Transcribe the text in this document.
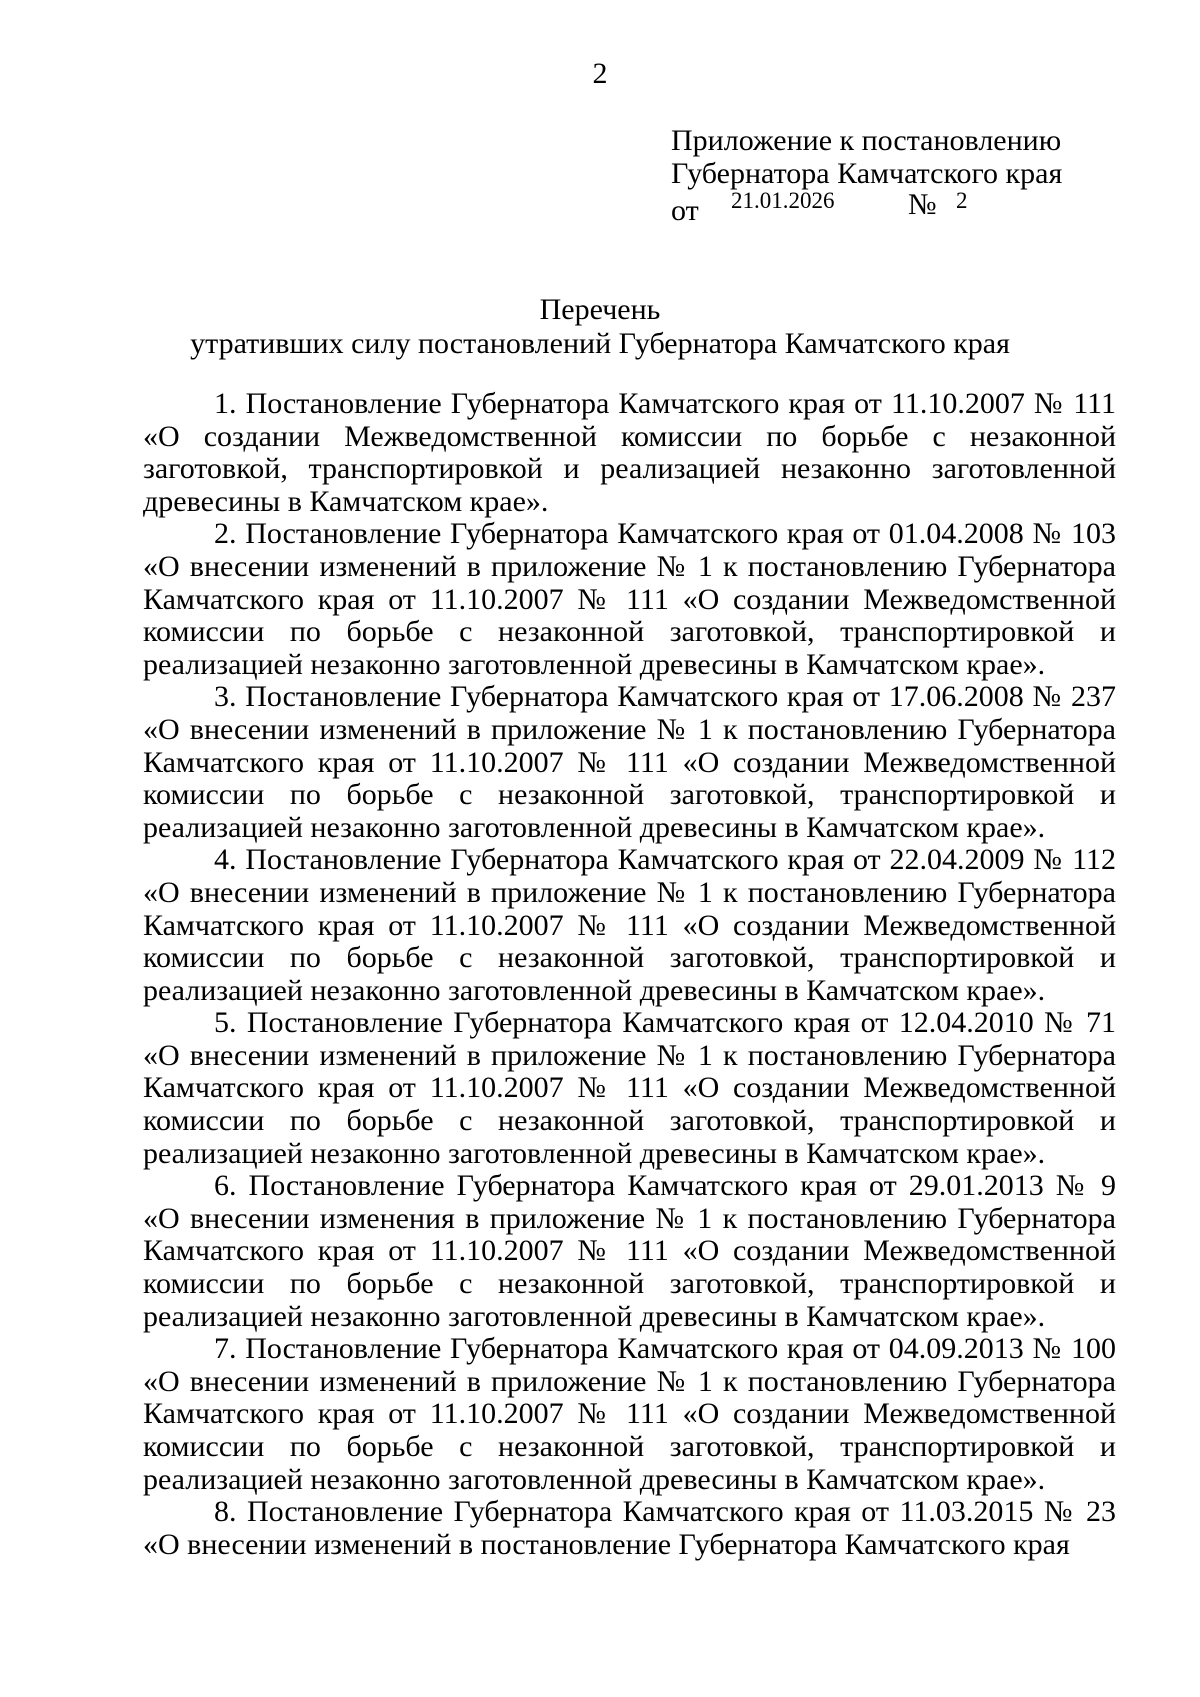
2
Приложение к постановлению
Губернатора Камчатского края
от 21.01.2026 № 2
Перечень
утративших силу постановлений Губернатора Камчатского края

1. Постановление Губернатора Камчатского края от 11.10.2007 № 111 «О создании Межведомственной комиссии по борьбе с незаконной заготовкой, транспортировкой и реализацией незаконно заготовленной древесины в Камчатском крае».

2. Постановление Губернатора Камчатского края от 01.04.2008 № 103 «О внесении изменений в приложение № 1 к постановлению Губернатора Камчатского края от 11.10.2007 № 111 «О создании Межведомственной комиссии по борьбе с незаконной заготовкой, транспортировкой и реализацией незаконно заготовленной древесины в Камчатском крае».

3. Постановление Губернатора Камчатского края от 17.06.2008 № 237 «О внесении изменений в приложение № 1 к постановлению Губернатора Камчатского края от 11.10.2007 № 111 «О создании Межведомственной комиссии по борьбе с незаконной заготовкой, транспортировкой и реализацией незаконно заготовленной древесины в Камчатском крае».

4. Постановление Губернатора Камчатского края от 22.04.2009 № 112 «О внесении изменений в приложение № 1 к постановлению Губернатора Камчатского края от 11.10.2007 № 111 «О создании Межведомственной комиссии по борьбе с незаконной заготовкой, транспортировкой и реализацией незаконно заготовленной древесины в Камчатском крае».

5. Постановление Губернатора Камчатского края от 12.04.2010 № 71 «О внесении изменений в приложение № 1 к постановлению Губернатора Камчатского края от 11.10.2007 № 111 «О создании Межведомственной комиссии по борьбе с незаконной заготовкой, транспортировкой и реализацией незаконно заготовленной древесины в Камчатском крае».

6. Постановление Губернатора Камчатского края от 29.01.2013 № 9 «О внесении изменения в приложение № 1 к постановлению Губернатора Камчатского края от 11.10.2007 № 111 «О создании Межведомственной комиссии по борьбе с незаконной заготовкой, транспортировкой и реализацией незаконно заготовленной древесины в Камчатском крае».

7. Постановление Губернатора Камчатского края от 04.09.2013 № 100 «О внесении изменений в приложение № 1 к постановлению Губернатора Камчатского края от 11.10.2007 № 111 «О создании Межведомственной комиссии по борьбе с незаконной заготовкой, транспортировкой и реализацией незаконно заготовленной древесины в Камчатском крае».

8. Постановление Губернатора Камчатского края от 11.03.2015 № 23 «О внесении изменений в постановление Губернатора Камчатского края
